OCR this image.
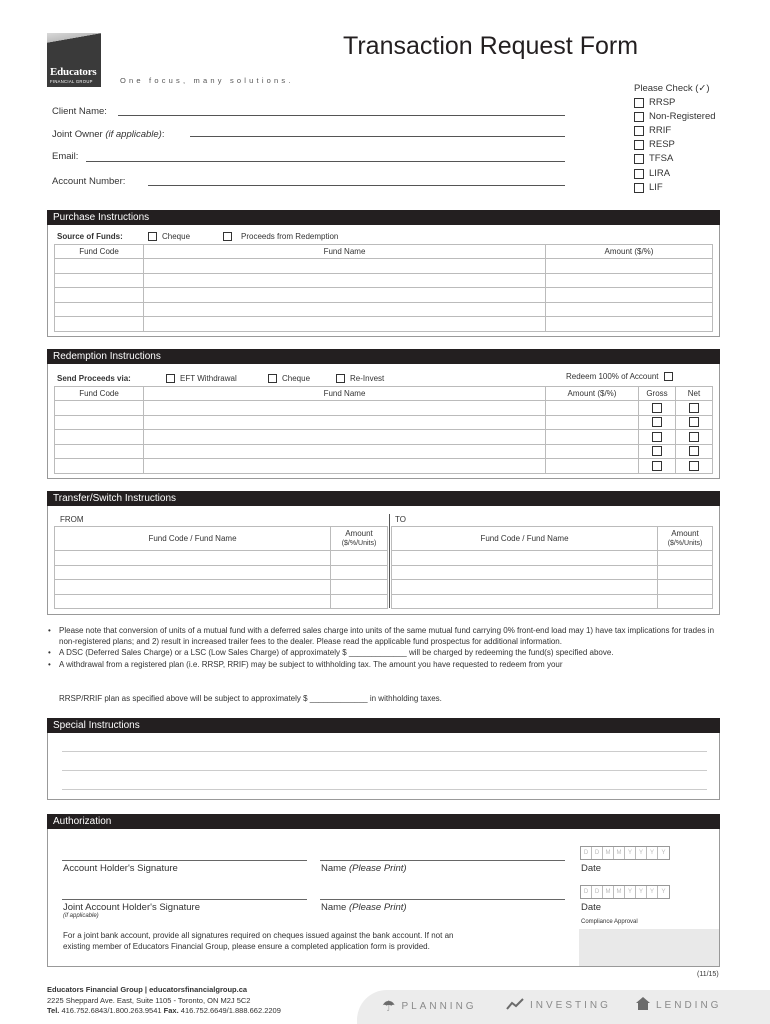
Educators
FINANCIAL GROUP	One focus, many solutions.
Transaction Request Form
Client Name:
Joint Owner (if applicable):
Email:
Account Number:
Please Check (✓)
RRSP
Non-Registered
RRIF
RESP
TFSA
LIRA
LIF
Purchase Instructions
Source of Funds:	Cheque	Proceeds from Redemption
Fund Code	Fund Name	Amount ($/%)

Redemption Instructions
Send Proceeds via:	EFT Withdrawal	Cheque	Re-Invest	Redeem 100% of Account
Fund Code	Fund Name	Amount ($/%)	Gross	Net

Transfer/Switch Instructions
FROM	TO
Fund Code / Fund Name	Amount
($/%/Units)

Fund Code / Fund Name	Amount
($/%/Units)

• Please note that conversion of units of a mutual fund with a deferred sales charge into units of the same mutual fund carrying 0% front-end load may 1) have tax implications for trades in non-registered plans; and 2) result in increased trailer fees to the dealer. Please read the applicable fund prospectus for additional information.
• A DSC (Deferred Sales Charge) or a LSC (Low Sales Charge) of approximately $ _____________ will be charged by redeeming the fund(s) specified above.
• A withdrawal from a registered plan (i.e. RRSP, RRIF) may be subject to withholding tax. The amount you have requested to redeem from your
RRSP/RRIF plan as specified above will be subject to approximately $ _____________ in withholding taxes.
Special Instructions
Authorization
Account Holder's Signature	Name (Please Print)
D	D	M	M	Y	Y	Y	Y
Date
Joint Account Holder's Signature
(if applicable)
Name (Please Print)
D	D	M	M	Y	Y	Y	Y
Date
Compliance Approval
For a joint bank account, provide all signatures required on cheques issued against the bank account. If not an existing member of Educators Financial Group, please ensure a completed application form is provided.
(11/15)
Educators Financial Group | educatorsfinancialgroup.ca
2225 Sheppard Ave. East, Suite 1105 - Toronto, ON M2J 5C2
Tel. 416.752.6843/1.800.263.9541 Fax. 416.752.6649/1.888.662.2209	☂ PLANNING	INVESTING	LENDING
